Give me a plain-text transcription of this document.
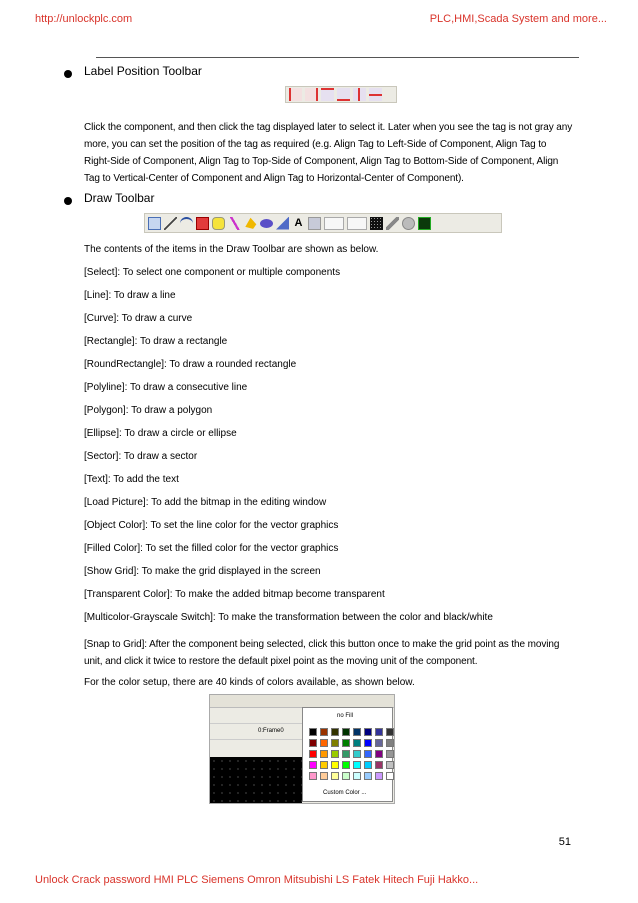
http://unlockplc.com	PLC,HMI,Scada System and more...
Label Position Toolbar
Click the component, and then click the tag displayed later to select it. Later when you see the tag is not gray any more, you can set the position of the tag as required (e.g. Align Tag to Left-Side of Component, Align Tag to Right-Side of Component, Align Tag to Top-Side of Component, Align Tag to Bottom-Side of Component, Align Tag to Vertical-Center of Component and Align Tag to Horizontal-Center of Component).
Draw Toolbar
A
The contents of the items in the Draw Toolbar are shown as below.
[Select]: To select one component or multiple components
[Line]: To draw a line
[Curve]: To draw a curve
[Rectangle]: To draw a rectangle
[RoundRectangle]: To draw a rounded rectangle
[Polyline]: To draw a consecutive line
[Polygon]: To draw a polygon
[Ellipse]: To draw a circle or ellipse
[Sector]: To draw a sector
[Text]: To add the text
[Load Picture]: To add the bitmap in the editing window
[Object Color]: To set the line color for the vector graphics
[Filled Color]: To set the filled color for the vector graphics
[Show Grid]: To make the grid displayed in the screen
[Transparent Color]: To make the added bitmap become transparent
[Multicolor-Grayscale Switch]: To make the transformation between the color and black/white
[Snap to Grid]: After the component being selected, click this button once to make the grid point as the moving unit, and click it twice to restore the default pixel point as the moving unit of the component.
For the color setup, there are 40 kinds of colors available, as shown below.
0:Frame0
no Fill
Custom Color ...
51
Unlock Crack password HMI PLC Siemens Omron Mitsubishi LS Fatek Hitech Fuji Hakko...
